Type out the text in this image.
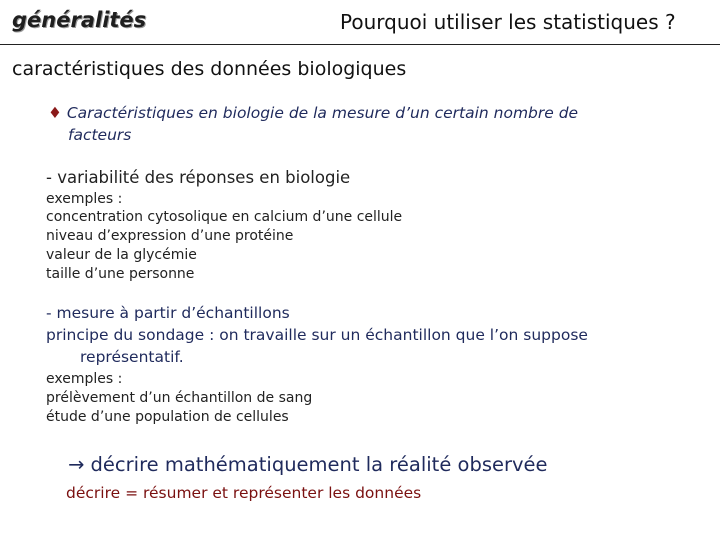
généralités	Pourquoi utiliser les statistiques ?
caractéristiques des données biologiques
♦ Caractéristiques en biologie de la mesure d’un certain nombre de
facteurs
- variabilité des réponses en biologie
exemples :
concentration cytosolique en calcium d’une cellule
niveau d’expression d’une protéine
valeur de la glycémie
taille d’une personne
- mesure à partir d’échantillons
principe du sondage : on travaille sur un échantillon que l’on suppose
représentatif.
exemples :
prélèvement d’un échantillon de sang
étude d’une population de cellules
→ décrire mathématiquement la réalité observée
décrire = résumer et représenter les données
